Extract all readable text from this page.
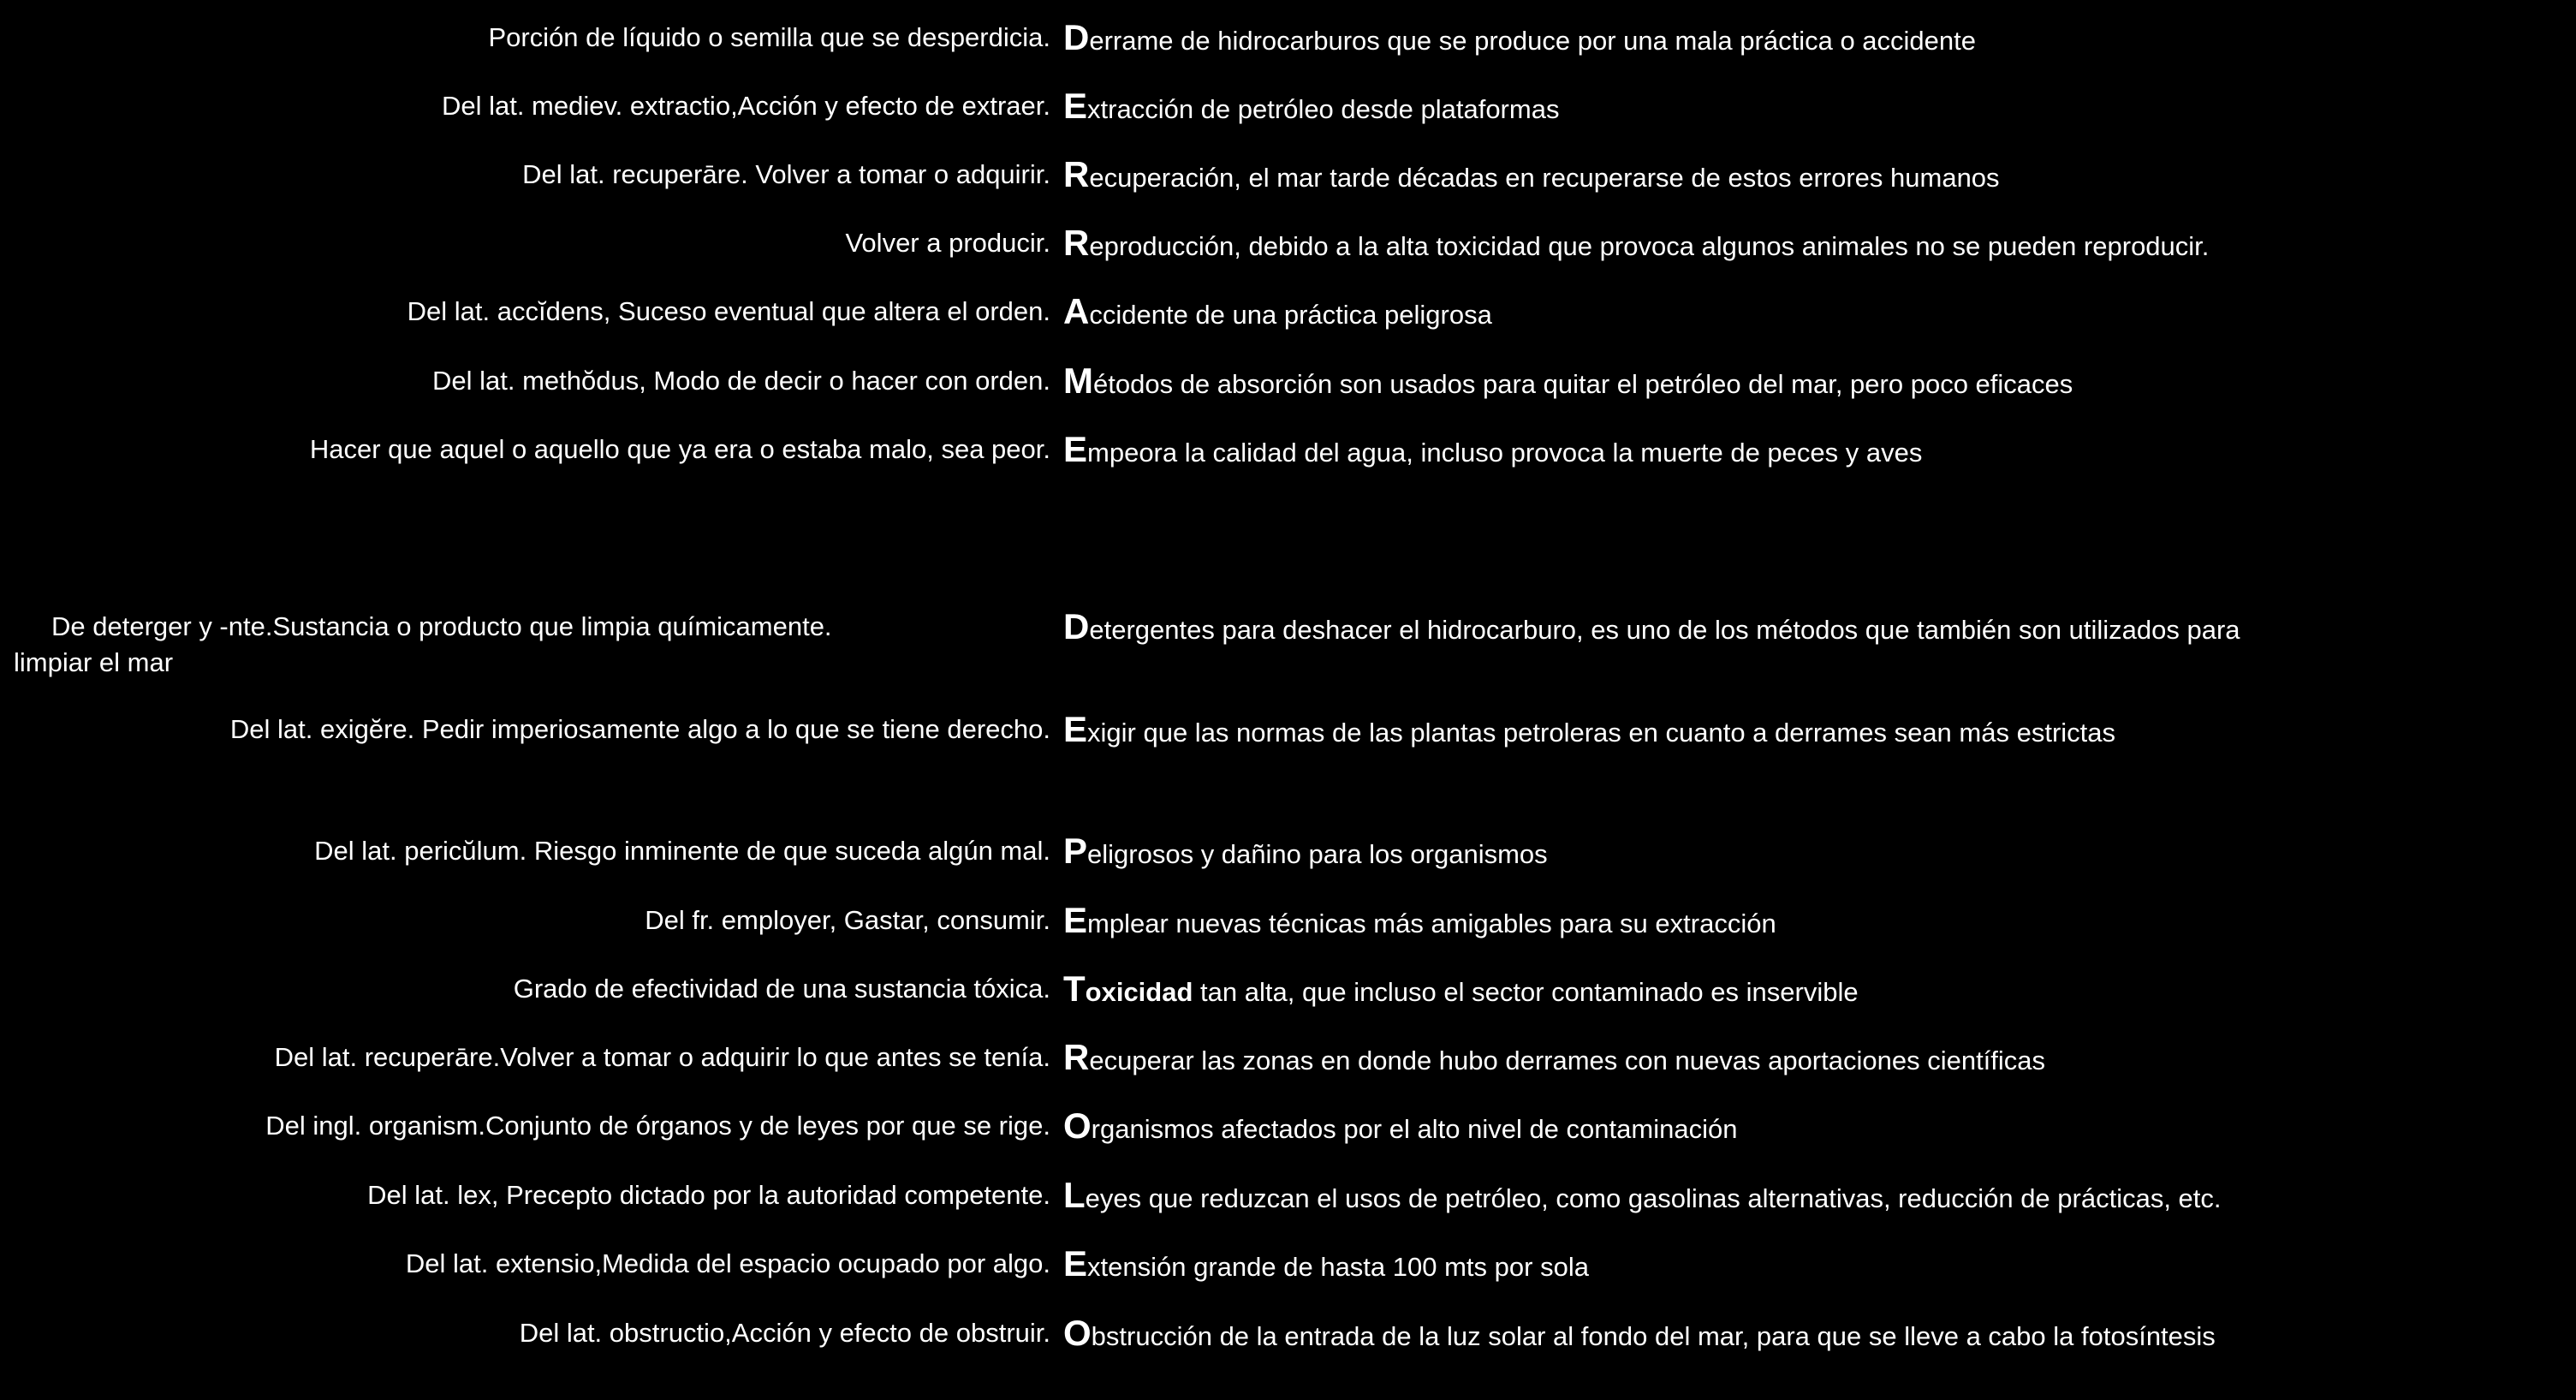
Porción de líquido o semilla que se desperdicia. Derrame de hidrocarburos que se produce por una mala práctica o accidente
Del lat. mediev. extractio,Acción y efecto de extraer. Extracción de petróleo desde plataformas
Del lat. recuperāre. Volver a tomar o adquirir. Recuperación, el mar tarde décadas en recuperarse de estos errores humanos
Volver a producir. Reproducción, debido a la alta toxicidad que provoca algunos animales no se pueden reproducir.
Del lat. accĭdens, Suceso eventual que altera el orden. Accidente de una práctica peligrosa
Del lat. methŏdus, Modo de decir o hacer con orden. Métodos de absorción son usados para quitar el petróleo del mar, pero poco eficaces
Hacer que aquel o aquello que ya era o estaba malo, sea peor. Empeora la calidad del agua, incluso provoca la muerte de peces y aves
De deterger y -nte.Sustancia o producto que limpia químicamente.	Detergentes para deshacer el hidrocarburo, es uno de los métodos que también son utilizados para
limpiar el mar
Del lat. exigĕre. Pedir imperiosamente algo a lo que se tiene derecho. Exigir que las normas de las plantas petroleras en cuanto a derrames sean más estrictas
Del lat. pericŭlum. Riesgo inminente de que suceda algún mal. Peligrosos y dañino para los organismos
Del fr. employer, Gastar, consumir. Emplear nuevas técnicas más amigables para su extracción
Grado de efectividad de una sustancia tóxica. Toxicidad tan alta, que incluso el sector contaminado es inservible
Del lat. recuperāre.Volver a tomar o adquirir lo que antes se tenía. Recuperar las zonas en donde hubo derrames con nuevas aportaciones científicas
Del ingl. organism.Conjunto de órganos y de leyes por que se rige. Organismos afectados por el alto nivel de contaminación
Del lat. lex, Precepto dictado por la autoridad competente. Leyes que reduzcan el usos de petróleo, como gasolinas alternativas, reducción de prácticas, etc.
Del lat. extensio,Medida del espacio ocupado por algo. Extensión grande de hasta 100 mts por sola
Del lat. obstructio,Acción y efecto de obstruir. Obstrucción de la entrada de la luz solar al fondo del mar, para que se lleve a cabo la fotosíntesis
